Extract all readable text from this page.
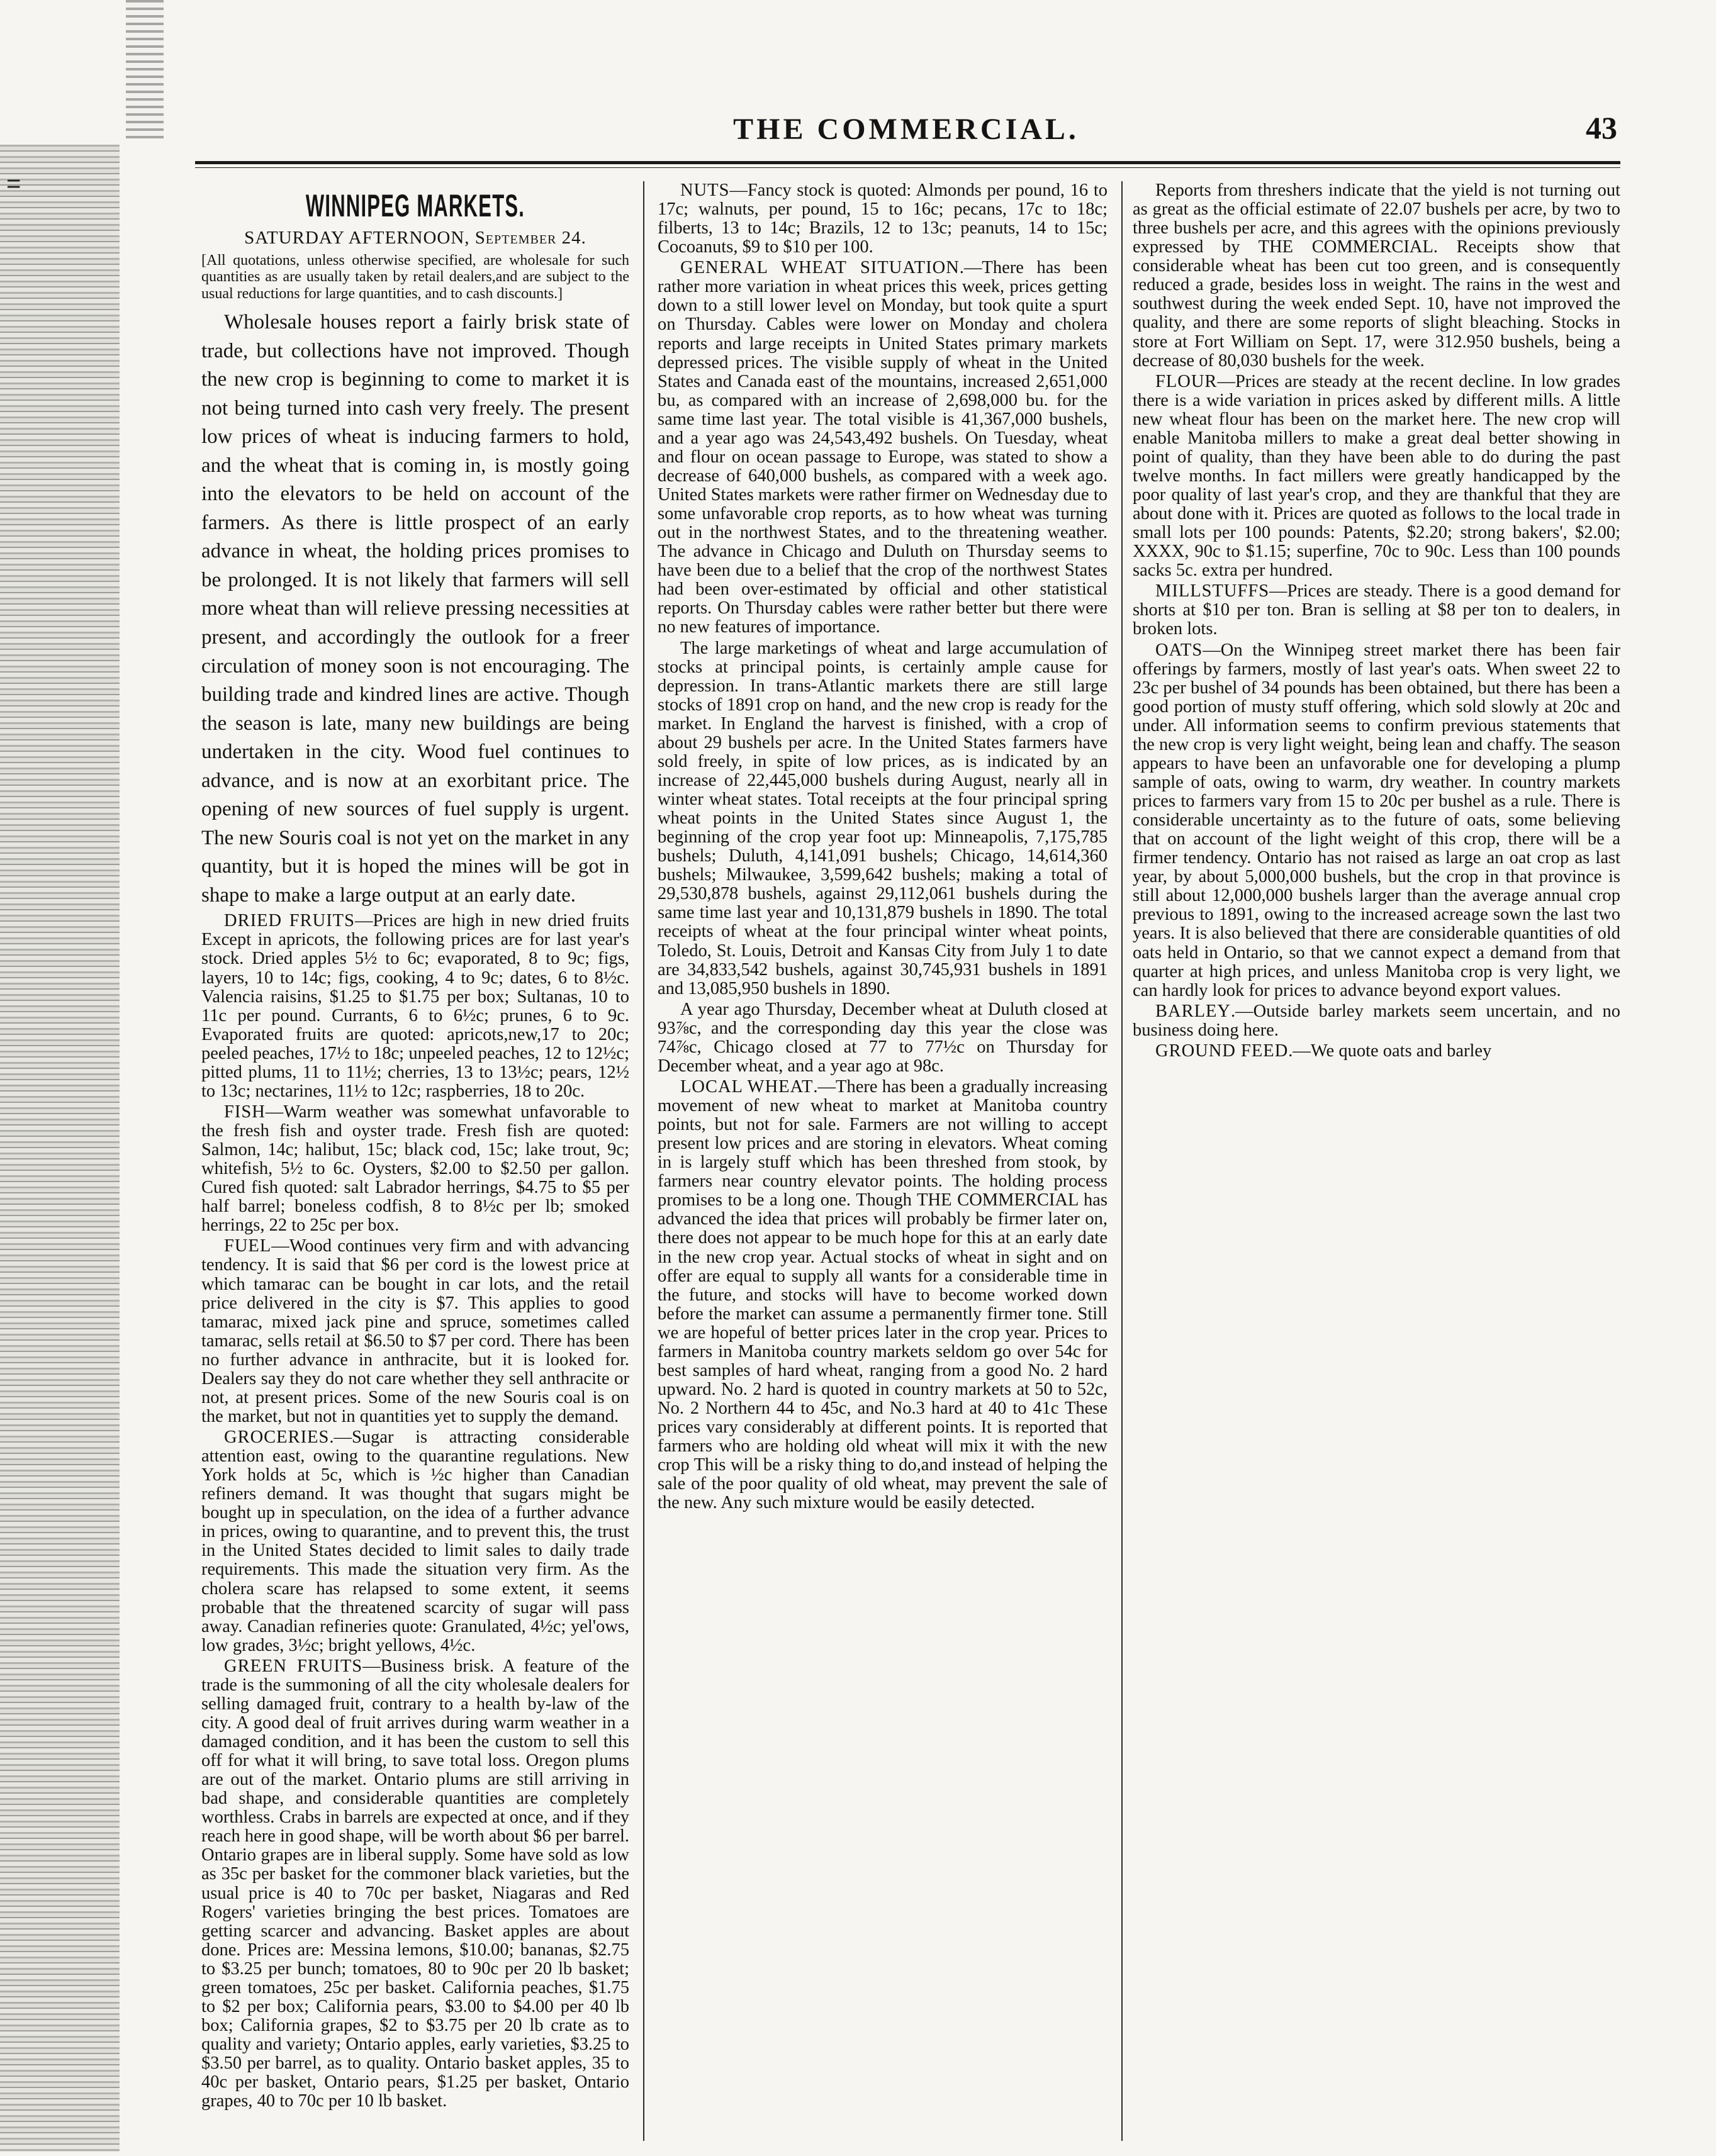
=
THE COMMERCIAL.	43
WINNIPEG MARKETS.
SATURDAY AFTERNOON, September 24.
[All quotations, unless otherwise specified, are wholesale for such quantities as are usually taken by retail dealers,and are subject to the usual reductions for large quantities, and to cash discounts.]

Wholesale houses report a fairly brisk state of trade, but collections have not improved. Though the new crop is beginning to come to market it is not being turned into cash very freely. The present low prices of wheat is inducing farmers to hold, and the wheat that is coming in, is mostly going into the elevators to be held on account of the farmers. As there is little prospect of an early advance in wheat, the holding prices promises to be prolonged. It is not likely that farmers will sell more wheat than will relieve pressing necessities at present, and accordingly the outlook for a freer circulation of money soon is not encouraging. The building trade and kindred lines are active. Though the season is late, many new buildings are being undertaken in the city. Wood fuel continues to advance, and is now at an exorbitant price. The opening of new sources of fuel supply is urgent. The new Souris coal is not yet on the market in any quantity, but it is hoped the mines will be got in shape to make a large output at an early date.

DRIED FRUITS—Prices are high in new dried fruits Except in apricots, the following prices are for last year's stock. Dried apples 5½ to 6c; evaporated, 8 to 9c; figs, layers, 10 to 14c; figs, cooking, 4 to 9c; dates, 6 to 8½c. Valencia raisins, $1.25 to $1.75 per box; Sultanas, 10 to 11c per pound. Currants, 6 to 6½c; prunes, 6 to 9c. Evaporated fruits are quoted: apricots,new,17 to 20c; peeled peaches, 17½ to 18c; unpeeled peaches, 12 to 12½c; pitted plums, 11 to 11½; cherries, 13 to 13½c; pears, 12½ to 13c; nectarines, 11½ to 12c; raspberries, 18 to 20c.

FISH—Warm weather was somewhat unfavorable to the fresh fish and oyster trade. Fresh fish are quoted: Salmon, 14c; halibut, 15c; black cod, 15c; lake trout, 9c; whitefish, 5½ to 6c. Oysters, $2.00 to $2.50 per gallon. Cured fish quoted: salt Labrador herrings, $4.75 to $5 per half barrel; boneless codfish, 8 to 8½c per lb; smoked herrings, 22 to 25c per box.

FUEL—Wood continues very firm and with advancing tendency. It is said that $6 per cord is the lowest price at which tamarac can be bought in car lots, and the retail price delivered in the city is $7. This applies to good tamarac, mixed jack pine and spruce, sometimes called tamarac, sells retail at $6.50 to $7 per cord. There has been no further advance in anthracite, but it is looked for. Dealers say they do not care whether they sell anthracite or not, at present prices. Some of the new Souris coal is on the market, but not in quantities yet to supply the demand.

GROCERIES.—Sugar is attracting considerable attention east, owing to the quarantine regulations. New York holds at 5c, which is ½c higher than Canadian refiners demand. It was thought that sugars might be bought up in speculation, on the idea of a further advance in prices, owing to quarantine, and to prevent this, the trust in the United States decided to limit sales to daily trade requirements. This made the situation very firm. As the cholera scare has relapsed to some extent, it seems probable that the threatened scarcity of sugar will pass away. Canadian refineries quote: Granulated, 4½c; yel'ows, low grades, 3½c; bright yellows, 4½c.

GREEN FRUITS—Business brisk. A feature of the trade is the summoning of all the city wholesale dealers for selling damaged fruit, contrary to a health by-law of the city. A good deal of fruit arrives during warm weather in a damaged condition, and it has been the custom to sell this off for what it will bring, to save total loss. Oregon plums are out of the market. Ontario plums are still arriving in bad shape, and considerable quantities are completely worthless. Crabs in barrels are expected at once, and if they reach here in good shape, will be worth about $6 per barrel. Ontario grapes are in liberal supply. Some have sold as low as 35c per basket for the commoner black varieties, but the usual price is 40 to 70c per basket, Niagaras and Red Rogers' varieties bringing the best prices. Tomatoes are getting scarcer and advancing. Basket apples are about done. Prices are: Messina lemons, $10.00; bananas, $2.75 to $3.25 per bunch; tomatoes, 80 to 90c per 20 lb basket; green tomatoes, 25c per basket. California peaches, $1.75 to $2 per box; California pears, $3.00 to $4.00 per 40 lb box; California grapes, $2 to $3.75 per 20 lb crate as to quality and variety; Ontario apples, early varieties, $3.25 to $3.50 per barrel, as to quality. Ontario basket apples, 35 to 40c per basket, Ontario pears, $1.25 per basket, Ontario grapes, 40 to 70c per 10 lb basket.

NUTS—Fancy stock is quoted: Almonds per pound, 16 to 17c; walnuts, per pound, 15 to 16c; pecans, 17c to 18c; filberts, 13 to 14c; Brazils, 12 to 13c; peanuts, 14 to 15c; Cocoanuts, $9 to $10 per 100.

GENERAL WHEAT SITUATION.—There has been rather more variation in wheat prices this week, prices getting down to a still lower level on Monday, but took quite a spurt on Thursday. Cables were lower on Monday and cholera reports and large receipts in United States primary markets depressed prices. The visible supply of wheat in the United States and Canada east of the mountains, increased 2,651,000 bu, as compared with an increase of 2,698,000 bu. for the same time last year. The total visible is 41,367,000 bushels, and a year ago was 24,543,492 bushels. On Tuesday, wheat and flour on ocean passage to Europe, was stated to show a decrease of 640,000 bushels, as compared with a week ago. United States markets were rather firmer on Wednesday due to some unfavorable crop reports, as to how wheat was turning out in the northwest States, and to the threatening weather. The advance in Chicago and Duluth on Thursday seems to have been due to a belief that the crop of the northwest States had been over-estimated by official and other statistical reports. On Thursday cables were rather better but there were no new features of importance.

The large marketings of wheat and large accumulation of stocks at principal points, is certainly ample cause for depression. In trans-Atlantic markets there are still large stocks of 1891 crop on hand, and the new crop is ready for the market. In England the harvest is finished, with a crop of about 29 bushels per acre. In the United States farmers have sold freely, in spite of low prices, as is indicated by an increase of 22,445,000 bushels during August, nearly all in winter wheat states. Total receipts at the four principal spring wheat points in the United States since August 1, the beginning of the crop year foot up: Minneapolis, 7,175,785 bushels; Duluth, 4,141,091 bushels; Chicago, 14,614,360 bushels; Milwaukee, 3,599,642 bushels; making a total of 29,530,878 bushels, against 29,112,061 bushels during the same time last year and 10,131,879 bushels in 1890. The total receipts of wheat at the four principal winter wheat points, Toledo, St. Louis, Detroit and Kansas City from July 1 to date are 34,833,542 bushels, against 30,745,931 bushels in 1891 and 13,085,950 bushels in 1890.

A year ago Thursday, December wheat at Duluth closed at 93⅞c, and the corresponding day this year the close was 74⅞c, Chicago closed at 77 to 77½c on Thursday for December wheat, and a year ago at 98c.

LOCAL WHEAT.—There has been a gradually increasing movement of new wheat to market at Manitoba country points, but not for sale. Farmers are not willing to accept present low prices and are storing in elevators. Wheat coming in is largely stuff which has been threshed from stook, by farmers near country elevator points. The holding process promises to be a long one. Though THE COMMERCIAL has advanced the idea that prices will probably be firmer later on, there does not appear to be much hope for this at an early date in the new crop year. Actual stocks of wheat in sight and on offer are equal to supply all wants for a considerable time in the future, and stocks will have to become worked down before the market can assume a permanently firmer tone. Still we are hopeful of better prices later in the crop year. Prices to farmers in Manitoba country markets seldom go over 54c for best samples of hard wheat, ranging from a good No. 2 hard upward. No. 2 hard is quoted in country markets at 50 to 52c, No. 2 Northern 44 to 45c, and No.3 hard at 40 to 41c These prices vary considerably at different points. It is reported that farmers who are holding old wheat will mix it with the new crop This will be a risky thing to do,and instead of helping the sale of the poor quality of old wheat, may prevent the sale of the new. Any such mixture would be easily detected.

Reports from threshers indicate that the yield is not turning out as great as the official estimate of 22.07 bushels per acre, by two to three bushels per acre, and this agrees with the opinions previously expressed by THE COMMERCIAL. Receipts show that considerable wheat has been cut too green, and is consequently reduced a grade, besides loss in weight. The rains in the west and southwest during the week ended Sept. 10, have not improved the quality, and there are some reports of slight bleaching. Stocks in store at Fort William on Sept. 17, were 312.950 bushels, being a decrease of 80,030 bushels for the week.

FLOUR—Prices are steady at the recent decline. In low grades there is a wide variation in prices asked by different mills. A little new wheat flour has been on the market here. The new crop will enable Manitoba millers to make a great deal better showing in point of quality, than they have been able to do during the past twelve months. In fact millers were greatly handicapped by the poor quality of last year's crop, and they are thankful that they are about done with it. Prices are quoted as follows to the local trade in small lots per 100 pounds: Patents, $2.20; strong bakers', $2.00; XXXX, 90c to $1.15; superfine, 70c to 90c. Less than 100 pounds sacks 5c. extra per hundred.

MILLSTUFFS—Prices are steady. There is a good demand for shorts at $10 per ton. Bran is selling at $8 per ton to dealers, in broken lots.

OATS—On the Winnipeg street market there has been fair offerings by farmers, mostly of last year's oats. When sweet 22 to 23c per bushel of 34 pounds has been obtained, but there has been a good portion of musty stuff offering, which sold slowly at 20c and under. All information seems to confirm previous statements that the new crop is very light weight, being lean and chaffy. The season appears to have been an unfavorable one for developing a plump sample of oats, owing to warm, dry weather. In country markets prices to farmers vary from 15 to 20c per bushel as a rule. There is considerable uncertainty as to the future of oats, some believing that on account of the light weight of this crop, there will be a firmer tendency. Ontario has not raised as large an oat crop as last year, by about 5,000,000 bushels, but the crop in that province is still about 12,000,000 bushels larger than the average annual crop previous to 1891, owing to the increased acreage sown the last two years. It is also believed that there are considerable quantities of old oats held in Ontario, so that we cannot expect a demand from that quarter at high prices, and unless Manitoba crop is very light, we can hardly look for prices to advance beyond export values.

BARLEY.—Outside barley markets seem uncertain, and no business doing here.

GROUND FEED.—We quote oats and barley
